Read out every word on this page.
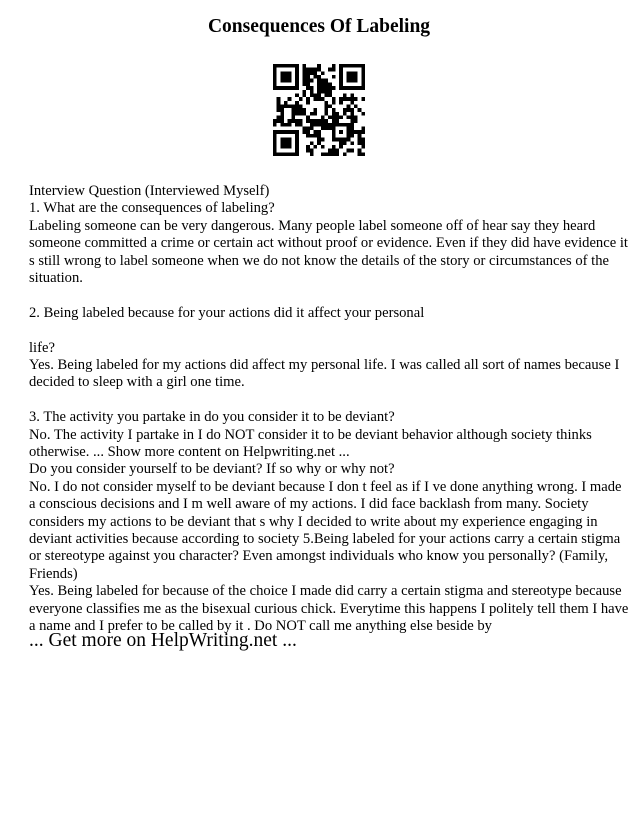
Consequences Of Labeling

Interview Question (Interviewed Myself)

1. What are the consequences of labeling?

Labeling someone can be very dangerous. Many people label someone off of hear say they heard

someone committed a crime or certain act without proof or evidence. Even if they did have evidence it

s still wrong to label someone when we do not know the details of the story or circumstances of the

situation.

2. Being labeled because for your actions did it affect your personal

life?

Yes. Being labeled for my actions did affect my personal life. I was called all sort of names because I

decided to sleep with a girl one time.

3. The activity you partake in do you consider it to be deviant?

No. The activity I partake in I do NOT consider it to be deviant behavior although society thinks

otherwise. ... Show more content on Helpwriting.net ...

Do you consider yourself to be deviant? If so why or why not?

No. I do not consider myself to be deviant because I don t feel as if I ve done anything wrong. I made

a conscious decisions and I m well aware of my actions. I did face backlash from many. Society

considers my actions to be deviant that s why I decided to write about my experience engaging in

deviant activities because according to society 5.Being labeled for your actions carry a certain stigma

or stereotype against you character? Even amongst individuals who know you personally? (Family,

Friends)

Yes. Being labeled for because of the choice I made did carry a certain stigma and stereotype because

everyone classifies me as the bisexual curious chick. Everytime this happens I politely tell them I have

a name and I prefer to be called by it . Do NOT call me anything else beside by

... Get more on HelpWriting.net ...
